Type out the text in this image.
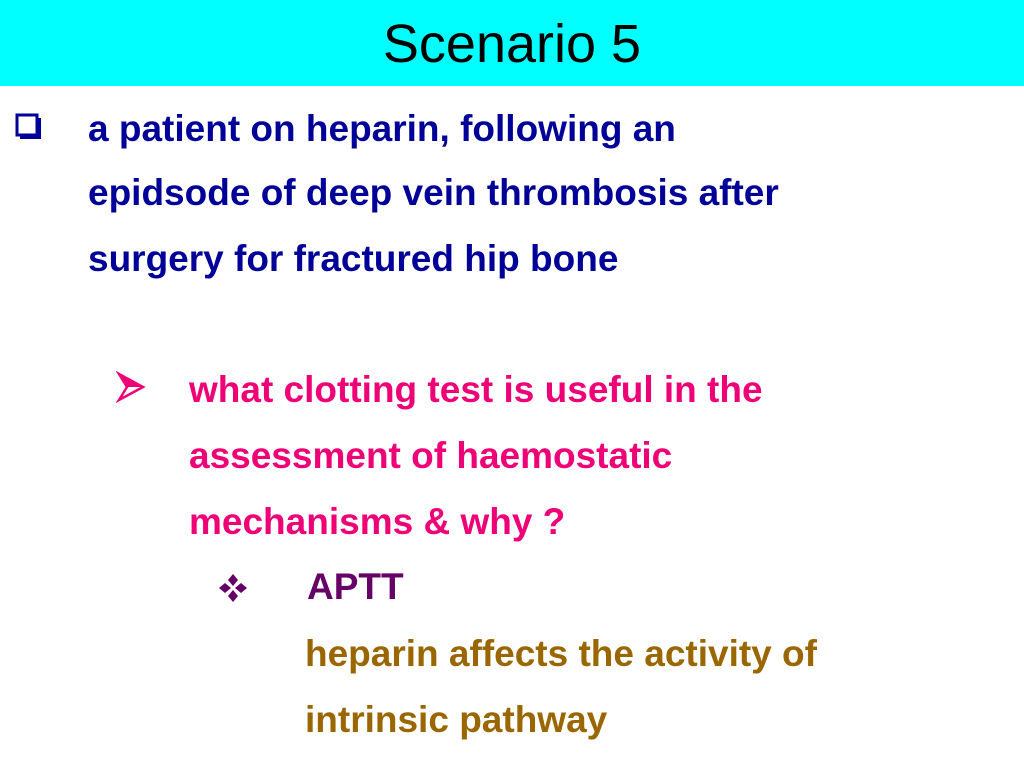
Scenario 5
a patient on heparin, following an
epidsode of deep vein thrombosis after
surgery for fractured hip bone
what clotting test is useful in the
assessment of haemostatic
mechanisms & why ?
APTT
heparin affects the activity of
intrinsic pathway
